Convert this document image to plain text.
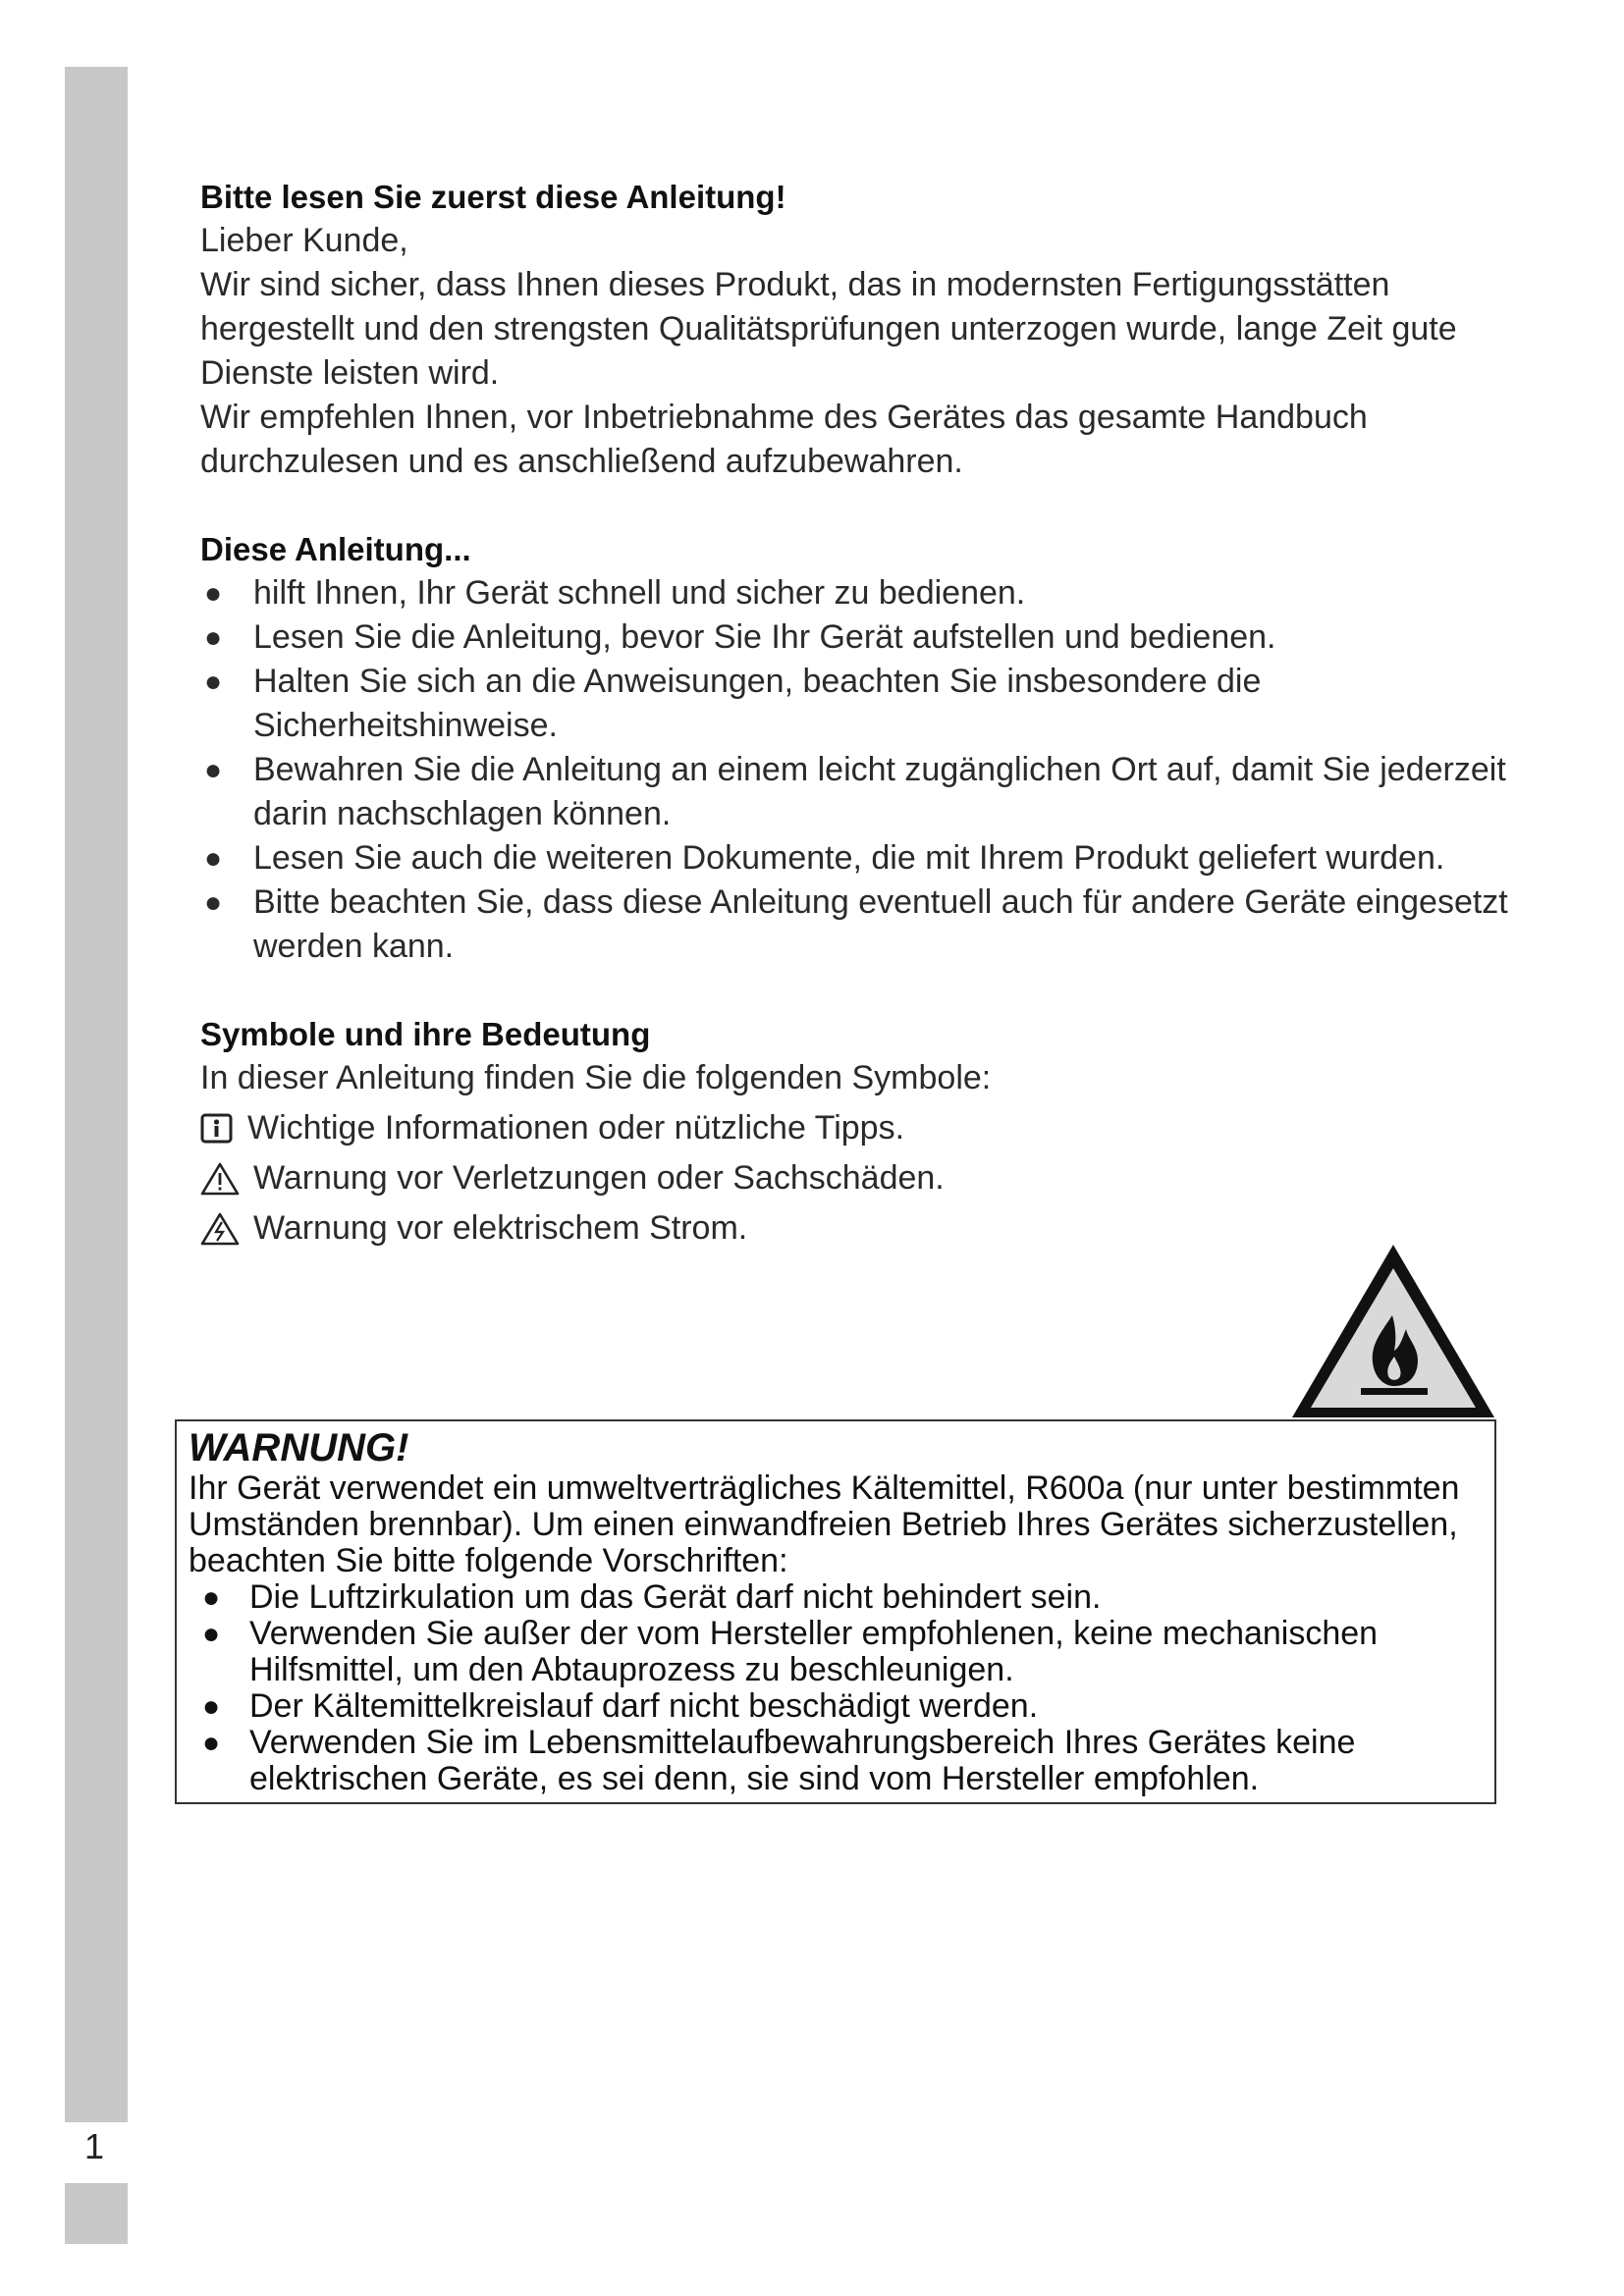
1
Bitte lesen Sie zuerst diese Anleitung!

Lieber Kunde,

Wir sind sicher, dass Ihnen dieses Produkt, das in modernsten Fertigungsstätten hergestellt und den strengsten Qualitätsprüfungen unterzogen wurde, lange Zeit gute Dienste leisten wird.

Wir empfehlen Ihnen, vor Inbetriebnahme des Gerätes das gesamte Handbuch durchzulesen und es anschließend aufzubewahren.

Diese Anleitung...
● hilft Ihnen, Ihr Gerät schnell und sicher zu bedienen.
● Lesen Sie die Anleitung, bevor Sie Ihr Gerät aufstellen und bedienen.
● Halten Sie sich an die Anweisungen, beachten Sie insbesondere die Sicherheitshinweise.
● Bewahren Sie die Anleitung an einem leicht zugänglichen Ort auf, damit Sie jederzeit darin nachschlagen können.
● Lesen Sie auch die weiteren Dokumente, die mit Ihrem Produkt geliefert wurden.
● Bitte beachten Sie, dass diese Anleitung eventuell auch für andere Geräte eingesetzt werden kann.
Symbole und ihre Bedeutung

In dieser Anleitung finden Sie die folgenden Symbole:

Wichtige Informationen oder nützliche Tipps.
Warnung vor Verletzungen oder Sachschäden.
Warnung vor elektrischem Strom.
WARNUNG!
Ihr Gerät verwendet ein umweltverträgliches Kältemittel, R600a (nur unter bestimmten Umständen brennbar). Um einen einwandfreien Betrieb Ihres Gerätes sicherzustellen, beachten Sie bitte folgende Vorschriften:
● Die Luftzirkulation um das Gerät darf nicht behindert sein.
● Verwenden Sie außer der vom Hersteller empfohlenen, keine mechanischen Hilfsmittel, um den Abtauprozess zu beschleunigen.
● Der Kältemittelkreislauf darf nicht beschädigt werden.
● Verwenden Sie im Lebensmittelaufbewahrungsbereich Ihres Gerätes keine elektrischen Geräte, es sei denn, sie sind vom Hersteller empfohlen.
